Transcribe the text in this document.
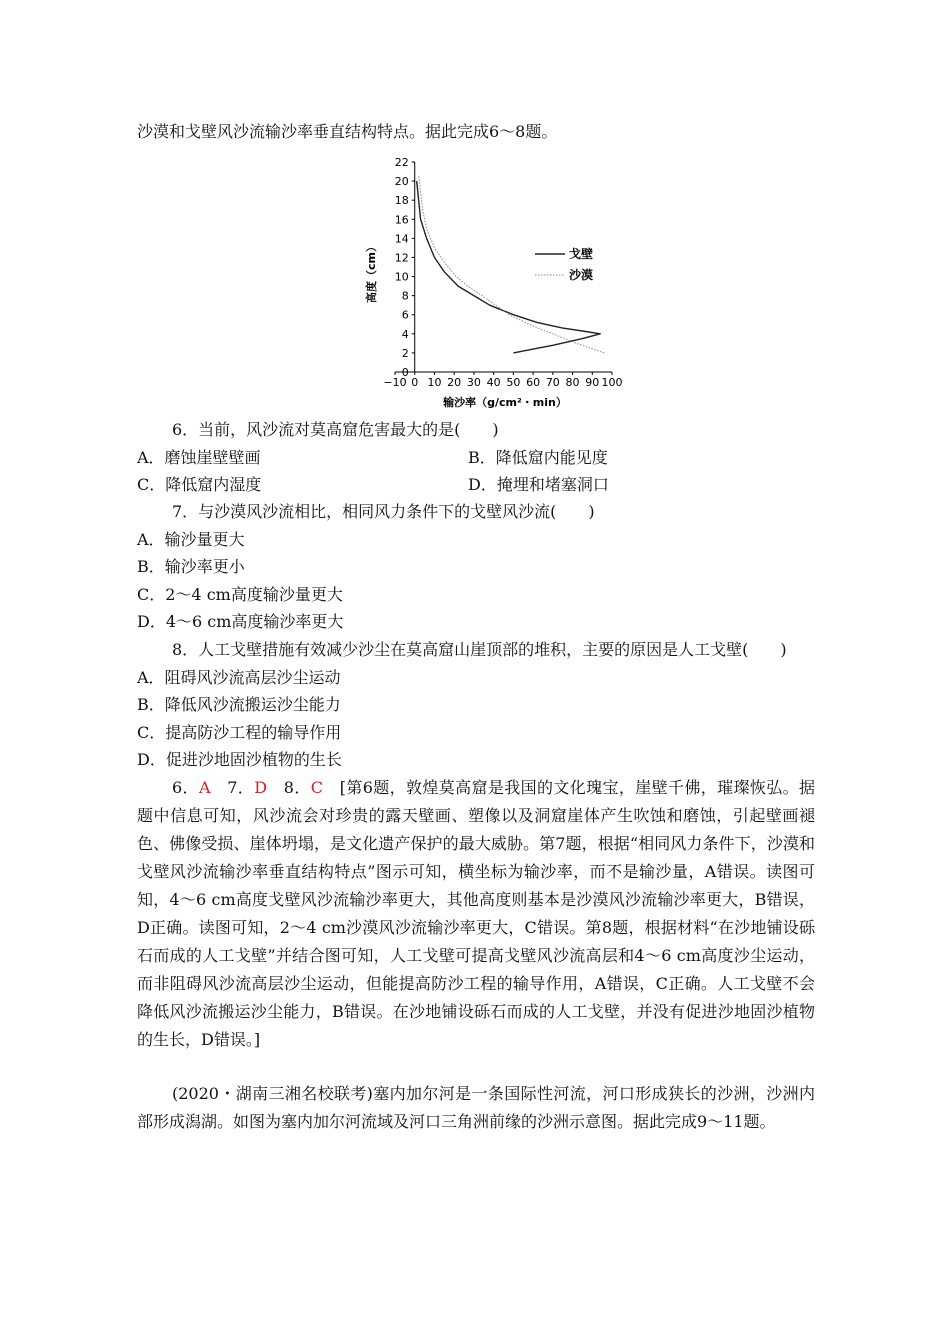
沙漠和戈壁风沙流输沙率垂直结构特点。据此完成6～8题。
−10 0 10 20 30 40 50 60 70 80 90 100
0
2
4
6
8
10
12
14
16
18
20
22
戈壁
沙漠
输沙率（g/cm²・min）
高度（cm）
6．当前，风沙流对莫高窟危害最大的是(　　)
A．磨蚀崖壁壁画	B．降低窟内能见度
C．降低窟内湿度	D．掩埋和堵塞洞口
7．与沙漠风沙流相比，相同风力条件下的戈壁风沙流(　　)
A．输沙量更大
B．输沙率更小
C．2～4 cm高度输沙量更大
D．4～6 cm高度输沙率更大
8．人工戈壁措施有效减少沙尘在莫高窟山崖顶部的堆积，主要的原因是人工戈壁(　　)
A．阻碍风沙流高层沙尘运动
B．降低风沙流搬运沙尘能力
C．提高防沙工程的输导作用
D．促进沙地固沙植物的生长

6．A　7．D　8．C　[第6题，敦煌莫高窟是我国的文化瑰宝，崖壁千佛，璀璨恢弘。据题中信息可知，风沙流会对珍贵的露天壁画、塑像以及洞窟崖体产生吹蚀和磨蚀，引起壁画褪色、佛像受损、崖体坍塌，是文化遗产保护的最大威胁。第7题，根据“相同风力条件下，沙漠和戈壁风沙流输沙率垂直结构特点”图示可知，横坐标为输沙率，而不是输沙量，A错误。读图可知，4～6 cm高度戈壁风沙流输沙率更大，其他高度则基本是沙漠风沙流输沙率更大，B错误，D正确。读图可知，2～4 cm沙漠风沙流输沙率更大，C错误。第8题，根据材料“在沙地铺设砾石而成的人工戈壁”并结合图可知，人工戈壁可提高戈壁风沙流高层和4～6 cm高度沙尘运动，而非阻碍风沙流高层沙尘运动，但能提高防沙工程的输导作用，A错误，C正确。人工戈壁不会降低风沙流搬运沙尘能力，B错误。在沙地铺设砾石而成的人工戈壁，并没有促进沙地固沙植物的生长，D错误。]

(2020・湖南三湘名校联考)塞内加尔河是一条国际性河流，河口形成狭长的沙洲，沙洲内部形成潟湖。如图为塞内加尔河流域及河口三角洲前缘的沙洲示意图。据此完成9～11题。
